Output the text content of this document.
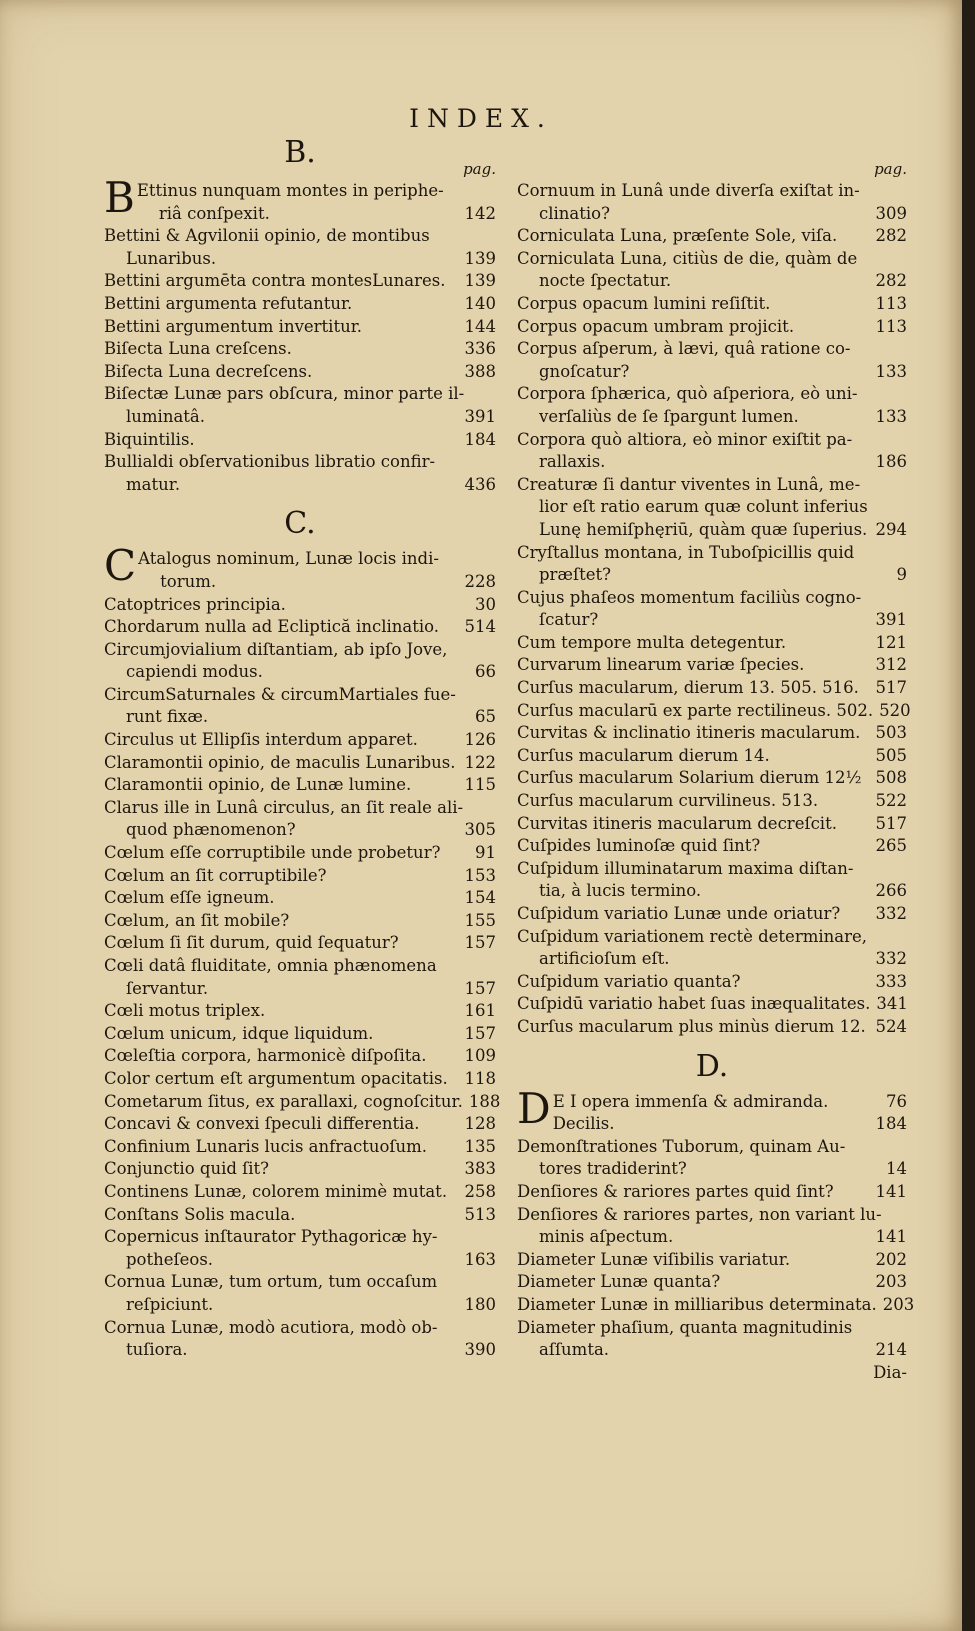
INDEX.
B.	pag.
B Ettinus nunquam montes in periphe-
riâ conſpexit.	142
Bettini & Agvilonii opinio, de montibus
Lunaribus.	139
Bettini argumēta contra montesLunares.	139
Bettini argumenta refutantur.	140
Bettini argumentum invertitur.	144
Biſecta Luna creſcens.	336
Biſecta Luna decreſcens.	388
Biſectæ Lunæ pars obſcura, minor parte il-
luminatâ.	391
Biquintilis.	184
Bullialdi obſervationibus libratio confir-
matur.	436
C.
C Atalogus nominum, Lunæ locis indi-
torum.	228
Catoptrices principia.	30
Chordarum nulla ad Ecliptică inclinatio.	514
Circumjovialium diſtantiam, ab ipſo Jove,
capiendi modus.	66
CircumSaturnales & circumMartiales fue-
runt fixæ.	65
Circulus ut Ellipſis interdum apparet.	126
Claramontii opinio, de maculis Lunaribus. 122
Claramontii opinio, de Lunæ lumine.	115
Clarus ille in Lunâ circulus, an ſit reale ali-
quod phænomenon?	305
Cœlum eſſe corruptibile unde probetur?	91
Cœlum an ſit corruptibile?	153
Cœlum eſſe igneum.	154
Cœlum, an ſit mobile?	155
Cœlum ſi ſit durum, quid ſequatur?	157
Cœli datâ fluiditate, omnia phænomena
ſervantur.	157
Cœli motus triplex.	161
Cœlum unicum, idque liquidum.	157
Cœleſtia corpora, harmonicè diſpoſita.	109
Color certum eſt argumentum opacitatis.	118
Cometarum ſitus, ex parallaxi, cognoſcitur. 188
Concavi & convexi ſpeculi differentia.	128
Confinium Lunaris lucis anfractuoſum.	135
Conjunctio quid ſit?	383
Continens Lunæ, colorem minimè mutat.	258
Conſtans Solis macula.	513
Copernicus inſtaurator Pythagoricæ hy-
potheſeos.	163
Cornua Lunæ, tum ortum, tum occaſum
reſpiciunt.	180
Cornua Lunæ, modò acutiora, modò ob-
tuſiora.	390
pag.
Cornuum in Lunâ unde diverſa exiſtat in-
clinatio?	309
Corniculata Luna, præſente Sole, viſa.	282
Corniculata Luna, citiùs de die, quàm de
nocte ſpectatur.	282
Corpus opacum lumini reſiſtit.	113
Corpus opacum umbram projicit.	113
Corpus aſperum, à lævi, quâ ratione co-
gnoſcatur?	133
Corpora ſphærica, quò aſperiora, eò uni-
verſaliùs de ſe ſpargunt lumen.	133
Corpora quò altiora, eò minor exiſtit pa-
rallaxis.	186
Creaturæ ſi dantur viventes in Lunâ, me-
lior eſt ratio earum quæ colunt inferius
Lunę hemiſphęriū, quàm quæ ſuperius. 294
Cryſtallus montana, in Tuboſpicillis quid
præſtet?	9
Cujus phaſeos momentum faciliùs cogno-
ſcatur?	391
Cum tempore multa detegentur.	121
Curvarum linearum variæ ſpecies.	312
Curſus macularum, dierum 13. 505. 516.	517
Curſus macularū ex parte rectilineus. 502. 520
Curvitas & inclinatio itineris macularum. 503
Curſus macularum dierum 14.	505
Curſus macularum Solarium dierum 12½ 508
Curſus macularum curvilineus. 513.	522
Curvitas itineris macularum decreſcit.	517
Cuſpides luminoſæ quid ſint?	265
Cuſpidum illuminatarum maxima diſtan-
tia, à lucis termino.	266
Cuſpidum variatio Lunæ unde oriatur?	332
Cuſpidum variationem rectè determinare,
artificioſum eſt.	332
Cuſpidum variatio quanta?	333
Cuſpidū variatio habet ſuas inæqualitates. 341
Curſus macularum plus minùs dierum 12. 524
D.
D E I opera immenſa & admiranda.	76
Decilis.	184
Demonſtrationes Tuborum, quinam Au-
tores tradiderint?	14
Denſiores & rariores partes quid ſint?	141
Denſiores & rariores partes, non variant lu-
minis aſpectum.	141
Diameter Lunæ viſibilis variatur.	202
Diameter Lunæ quanta?	203
Diameter Lunæ in milliaribus determinata. 203
Diameter phaſium, quanta magnitudinis
aſſumta.	214
Dia-
